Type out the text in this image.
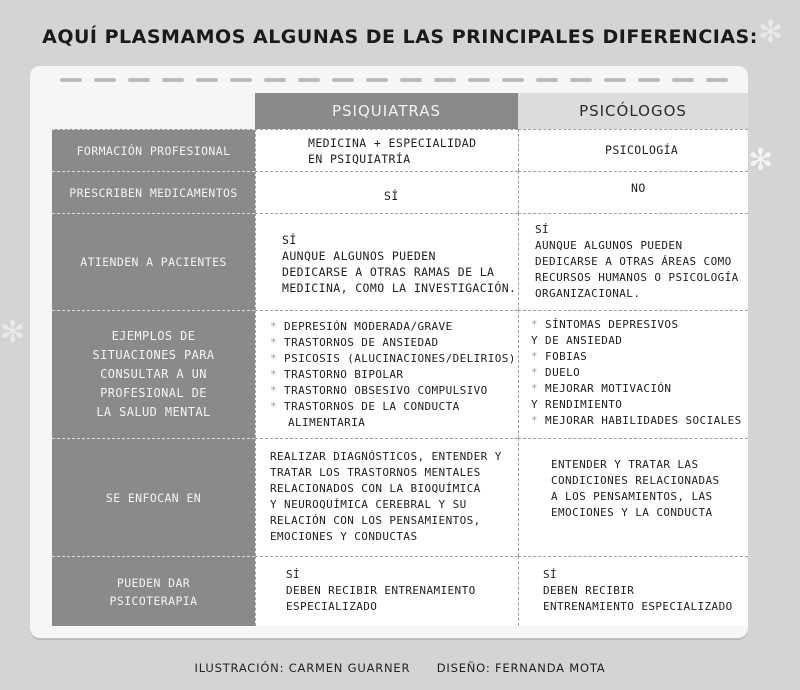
AQUÍ PLASMAMOS ALGUNAS DE LAS PRINCIPALES DIFERENCIAS: ✻
✻
✻
PSIQUIATRAS	PSICÓLOGOS
FORMACIÓN PROFESIONAL

MEDICINA + ESPECIALIDAD

EN PSIQUIATRÍA

PSICOLOGÍA

PRESCRIBEN MEDICAMENTOS	SÍ

NO

ATIENDEN A PACIENTES

SÍ

AUNQUE ALGUNOS PUEDEN

DEDICARSE A OTRAS RAMAS DE LA

MEDICINA, COMO LA INVESTIGACIÓN.

SÍ

AUNQUE ALGUNOS PUEDEN

DEDICARSE A OTRAS ÁREAS COMO

RECURSOS HUMANOS O PSICOLOGÍA

ORGANIZACIONAL.

EJEMPLOS DE

SITUACIONES PARA

CONSULTAR A UN

PROFESIONAL DE

LA SALUD MENTAL

* DEPRESIÓN MODERADA/GRAVE
* TRASTORNOS DE ANSIEDAD
* PSICOSIS (ALUCINACIONES/DELIRIOS)
* TRASTORNO BIPOLAR
* TRASTORNO OBSESIVO COMPULSIVO
* TRASTORNOS DE LA CONDUCTA
ALIMENTARIA
* SÍNTOMAS DEPRESIVOS
Y DE ANSIEDAD
* FOBIAS
* DUELO
* MEJORAR MOTIVACIÓN
Y RENDIMIENTO
* MEJORAR HABILIDADES SOCIALES
SE ENFOCAN EN

REALIZAR DIAGNÓSTICOS, ENTENDER Y

TRATAR LOS TRASTORNOS MENTALES

RELACIONADOS CON LA BIOQUÍMICA

Y NEUROQUÍMICA CEREBRAL Y SU

RELACIÓN CON LOS PENSAMIENTOS,

EMOCIONES Y CONDUCTAS

ENTENDER Y TRATAR LAS

CONDICIONES RELACIONADAS

A LOS PENSAMIENTOS, LAS

EMOCIONES Y LA CONDUCTA

PUEDEN DAR

PSICOTERAPIA

SÍ

DEBEN RECIBIR ENTRENAMIENTO

ESPECIALIZADO

SÍ

DEBEN RECIBIR

ENTRENAMIENTO ESPECIALIZADO

ILUSTRACIÓN: CARMEN GUARNER DISEÑO: FERNANDA MOTA
